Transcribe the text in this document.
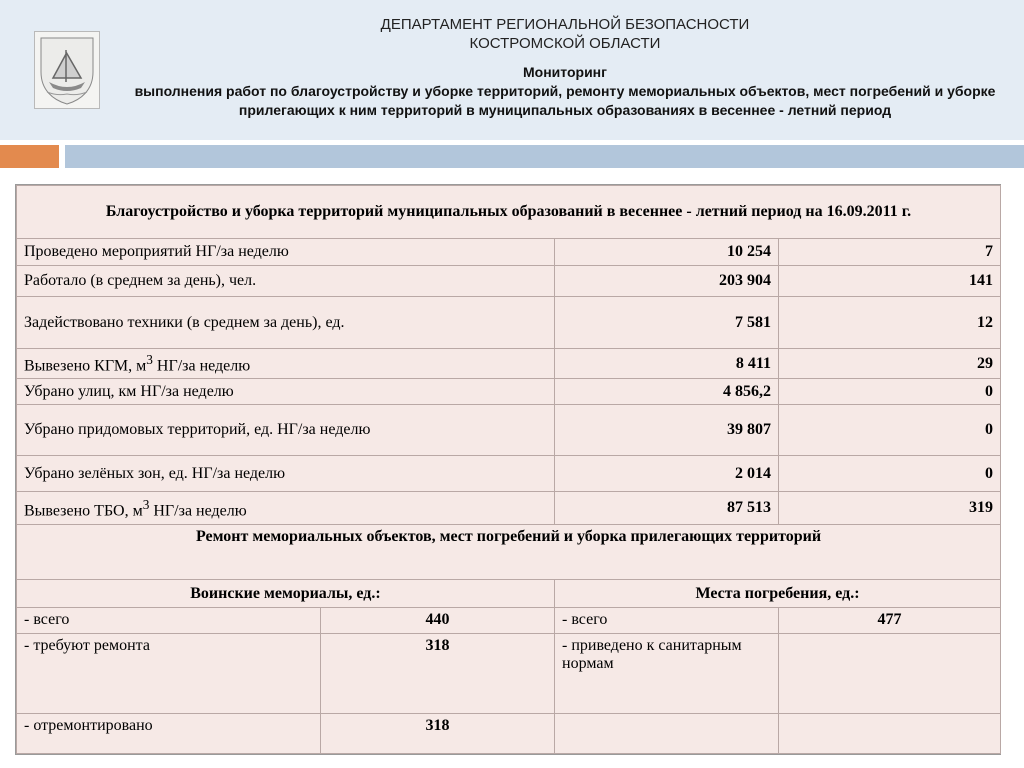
ДЕПАРТАМЕНТ РЕГИОНАЛЬНОЙ БЕЗОПАСНОСТИ
КОСТРОМСКОЙ ОБЛАСТИ
Мониторинг
выполнения работ по благоустройству и уборке территорий, ремонту мемориальных объектов, мест погребений и уборке прилегающих к ним территорий в муниципальных образованиях в весеннее - летний период
Благоустройство и уборка территорий муниципальных образований в весеннее - летний период на 16.09.2011 г.			
Проведено мероприятий НГ/за неделю		10 254	7
Работало (в среднем за день), чел.		203 904	141
Задействовано техники (в среднем за день), ед.		7 581	12
Вывезено КГМ, $м^3$ НГ/за неделю		8 411	29
Убрано улиц, км НГ/за неделю		4 856,2	0
Убрано придомовых территорий, ед. НГ/за неделю		39 807	0
Убрано зелёных зон, ед. НГ/за неделю		2 014	0
Вывезено ТБО, $м^3$ НГ/за неделю		87 513	319
Ремонт мемориальных объектов, мест погребений и уборка прилегающих территорий			
Воинские мемориалы, ед.:		Места погребения, ед.:	
- всего	440	- всего	477
- требуют ремонта	318	- приведено к санитарным нормам	
- отремонтировано	318		
